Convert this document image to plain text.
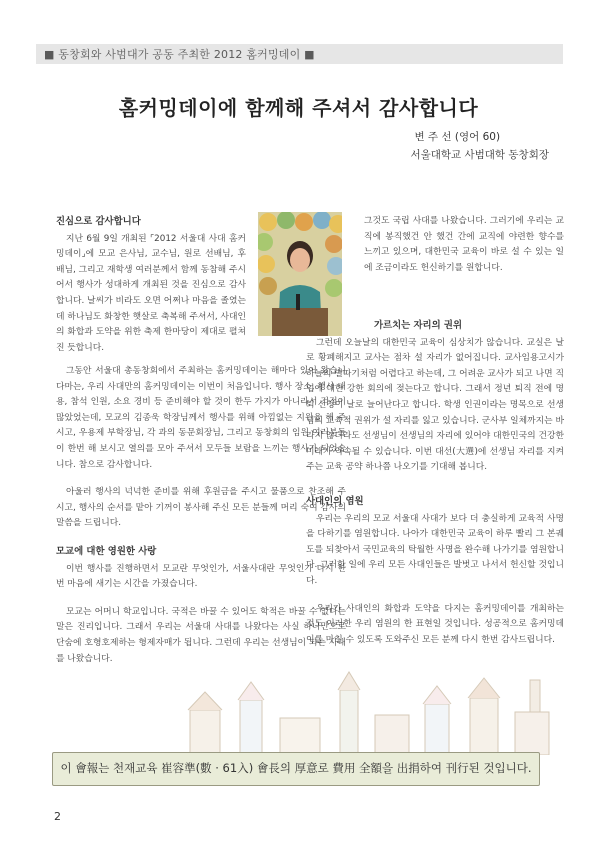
■ 동창회와 사범대가 공동 주최한 2012 홈커밍데이 ■
홈커밍데이에 함께해 주셔서 감사합니다
변 주 선 (영어 60)
서울대학교 사범대학 동창회장
진심으로 감사합니다

지난 6월 9일 개최된 ⌜2012 서울대 사대 홈커밍데이⌟에 모교 은사님, 교수님, 원로 선배님, 후배님, 그리고 재학생 여러분께서 함께 동참해 주시어서 행사가 성대하게 개최된 것을 진심으로 감사합니다. 날씨가 비라도 오면 어쩌나 마음을 졸였는데 하나님도 화창한 햇살로 축복해 주셔서, 사대인의 화합과 도약을 위한 축제 한마당이 제대로 펼쳐진 듯합니다.

그동안 서울대 총동창회에서 주최하는 홈커밍데이는 해마다 있어 왔습니다마는, 우리 사대만의 홈커밍데이는 이번이 처음입니다. 행사 장소, 행사 내용, 참석 인원, 소요 경비 등 준비해야 할 것이 한두 가지가 아니라서 걱정이 많았었는데, 모교의 김종욱 학장님께서 행사를 위해 아낌없는 지원을 해 주시고, 우용제 부학장님, 각 과의 동문회장님, 그리고 동창회의 임원 여러분들이 한번 해 보시고 열의를 모아 주셔서 모두들 보람을 느끼는 행사가 되었습니다. 참으로 감사합니다.

아울러 행사의 넉넉한 준비를 위해 후원금을 주시고 물품으로 찬조해 주시고, 행사의 순서를 맡아 기꺼이 봉사해 주신 모든 분들께 머리 숙여 감사의 말씀을 드립니다.

모교에 대한 영원한 사랑

이번 행사를 진행하면서 모교란 무엇인가, 서울사대란 무엇인가 다시 한번 마음에 새기는 시간을 가졌습니다.

모교는 어머니 학교입니다. 국적은 바꿀 수 있어도 학적은 바꿀 수 없다는 말은 진리입니다. 그래서 우리는 서울대 사대를 나왔다는 사실 하나만으로 단숨에 호형호제하는 형제자매가 됩니다. 그런데 우리는 선생님이 되는 사대를 나왔습니다.

그것도 국립 사대를 나왔습니다. 그러기에 우리는 교직에 봉직했건 안 했건 간에 교직에 야련한 향수를 느끼고 있으며, 대한민국 교육이 바로 설 수 있는 일에 조금이라도 헌신하기를 원합니다.

가르치는 자리의 권위

그런데 오늘날의 대한민국 교육이 심상치가 않습니다. 교실은 날로 황폐해지고 교사는 점차 설 자리가 없어집니다. 교사임용고시가 하늘의 별따기처럼 어렵다고 하는데, 그 어려운 교사가 되고 나면 직업에 대한 강한 회의에 젖는다고 합니다. 그래서 정년 퇴직 전에 명퇴 신청이 날로 늘어난다고 합니다. 학생 인권이라는 명목으로 선생님의 교육적 권위가 설 자리를 잃고 있습니다. 군사부 일체까지는 바라지 않더라도 선생님이 선생님의 자리에 있어야 대한민국의 건강한 미래가 약속될 수 있습니다. 이번 대선(大選)에 선생님 자리를 지켜주는 교육 공약 하나쯤 나오기를 기대해 봅니다.

사대인의 염원

우리는 우리의 모교 서울대 사대가 보다 더 충실하게 교육적 사명을 다하기를 염원합니다. 나아가 대한민국 교육이 하루 빨리 그 본궤도를 되찾아서 국민교육의 탁월한 사명을 완수해 나가기를 염원합니다. 그러한 일에 우리 모든 사대인들은 발벗고 나서서 헌신할 것입니다.

우리가 사대인의 화합과 도약을 다지는 홈커밍데이를 개최하는 것도 이러한 우리 염원의 한 표현일 것입니다. 성공적으로 홈커밍데이를 마칠 수 있도록 도와주신 모든 분께 다시 한번 감사드립니다.

이 會報는 천재교육 崔容準(數 · 61入) 會長의 厚意로 費用 全額을 出捐하여 刊行된 것입니다.
2
